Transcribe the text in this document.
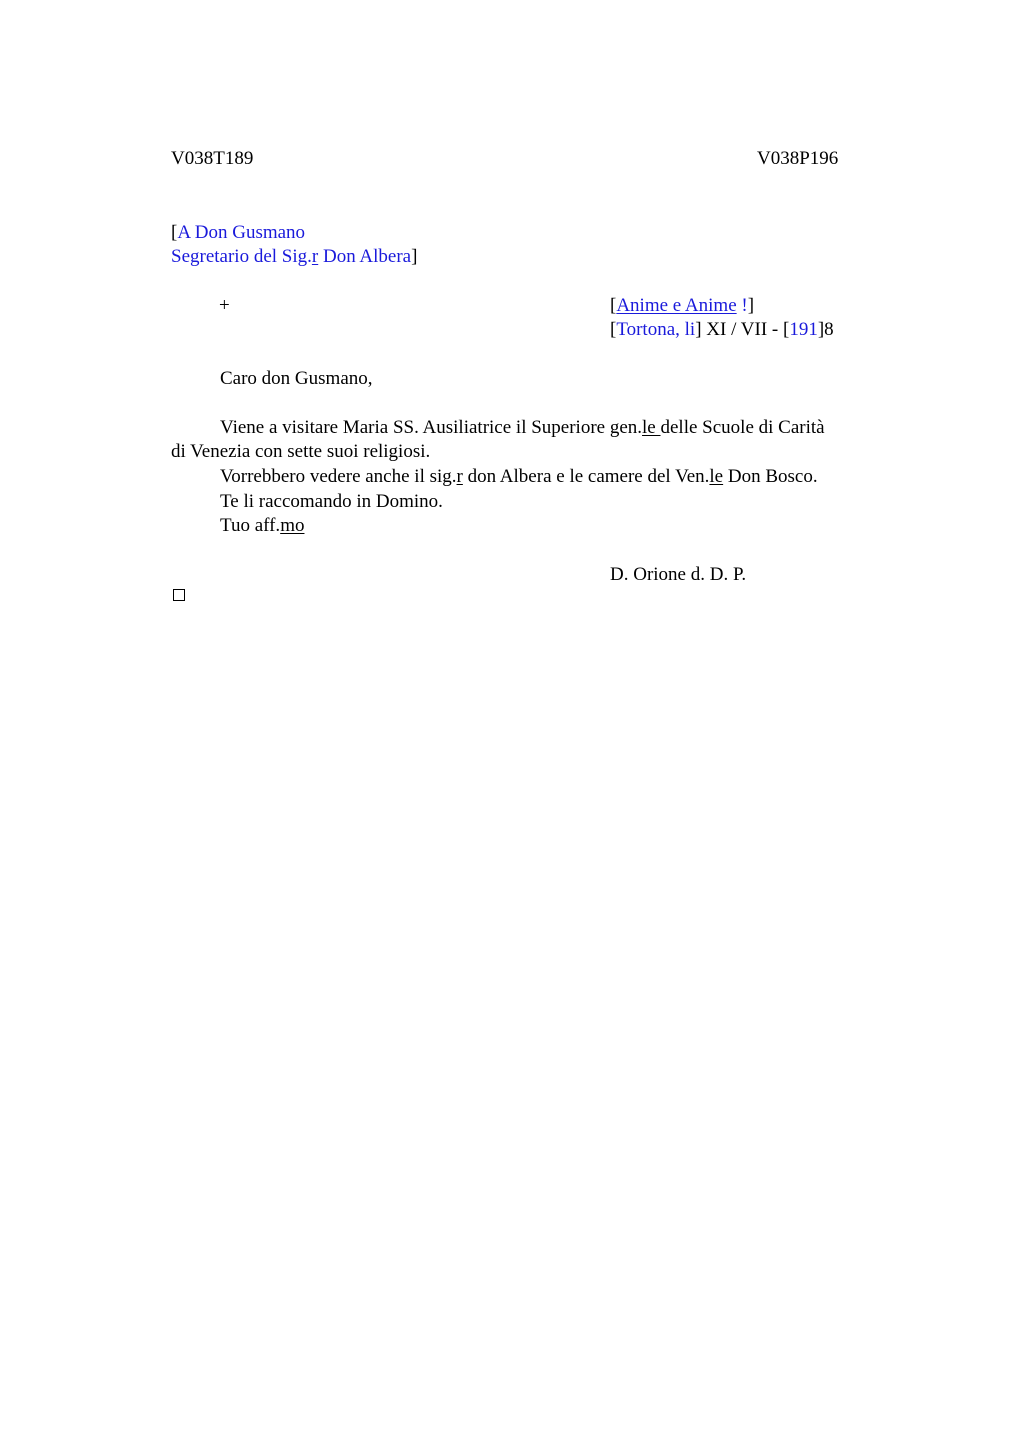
V038T189	V038P196
[A Don Gusmano
Segretario del Sig.r Don Albera]
+	[Anime e Anime !]
[Tortona, li] XI / VII - [191]8
Caro don Gusmano,
Viene a visitare Maria SS. Ausiliatrice il Superiore gen.le delle Scuole di Carità
di Venezia con sette suoi religiosi.
Vorrebbero vedere anche il sig.r don Albera e le camere del Ven.le Don Bosco.
Te li raccomando in Domino.
Tuo aff.mo
D. Orione d. D. P.
